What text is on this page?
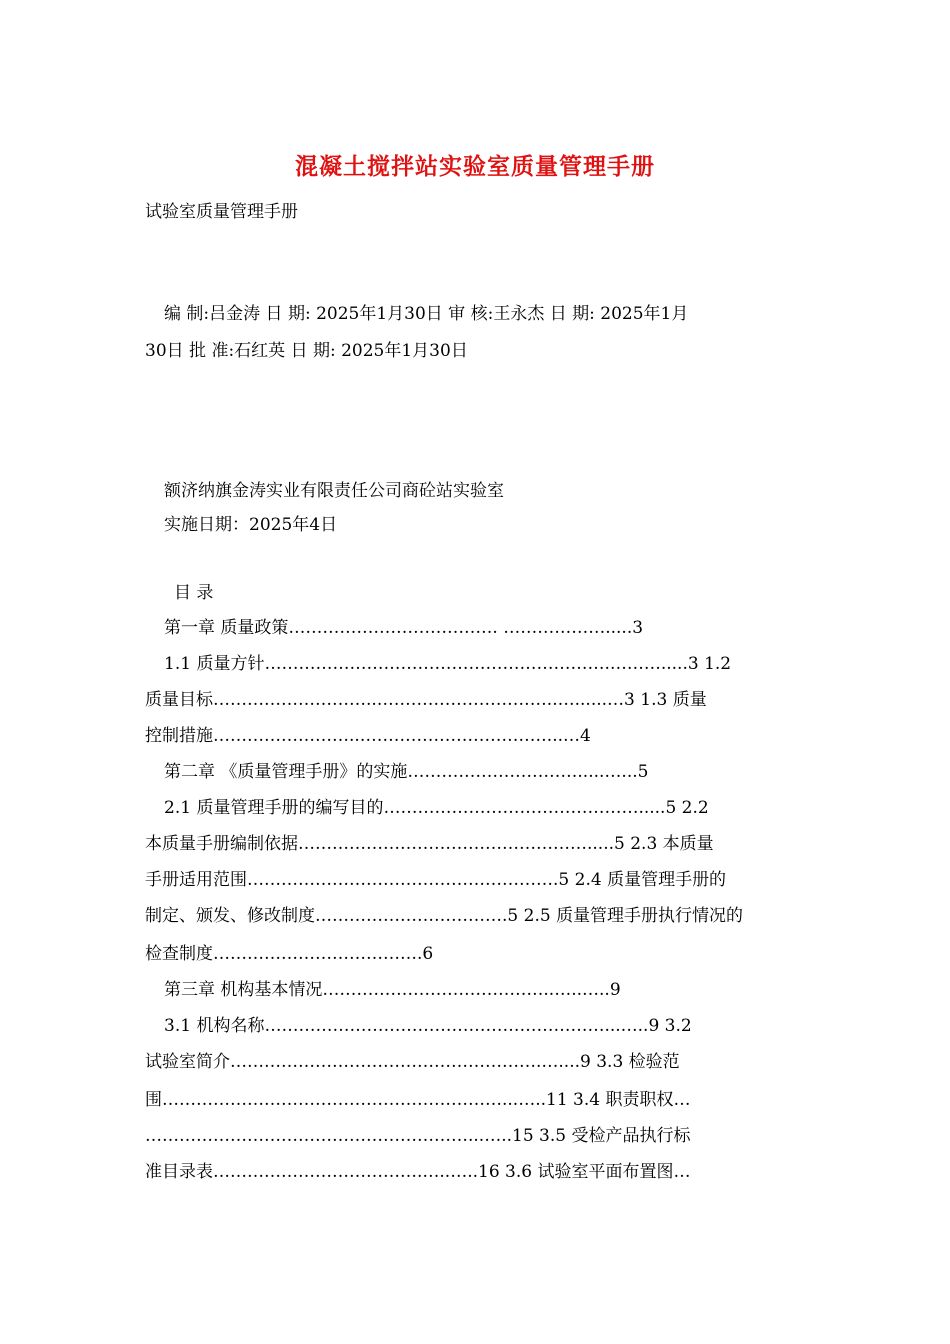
混凝土搅拌站实验室质量管理手册
试验室质量管理手册
编 制:吕金涛 日 期: 2025年1月30日 审 核:王永杰 日 期: 2025年1月
30日 批 准:石红英 日 期: 2025年1月30日
额济纳旗金涛实业有限责任公司商砼站实验室
实施日期：2025年4日
目 录
第一章 质量政策………………………………. ……………….....3
1.1 质量方针…………………………………………………….……….....3 1.2
质量目标………………………..…………………………..…......…3 1.3 质量
控制措施……………………..……………………………...…4
第二章 《质量管理手册》的实施………………………….....…...5
2.1 质量管理手册的编写目的……………………………………….....5 2.2
本质量手册编制依据…………………………………………….....5 2.3 本质量
手册适用范围……………………………………………….5 2.4 质量管理手册的
制定、颁发、修改制度…………………………….5 2.5 质量管理手册执行情况的
检查制度……………………………….6
第三章 机构基本情况…………………………………..…..…..9
3.1 机构名称……………………………………………………...…..9 3.2
试验室简介……………………………………………….…....9 3.3 检验范
围……………………………………………………...…..11 3.4 职责职权…
…………………………………………………...…..15 3.5 受检产品执行标
准目录表……………………………….…..…..16 3.6 试验室平面布置图…
